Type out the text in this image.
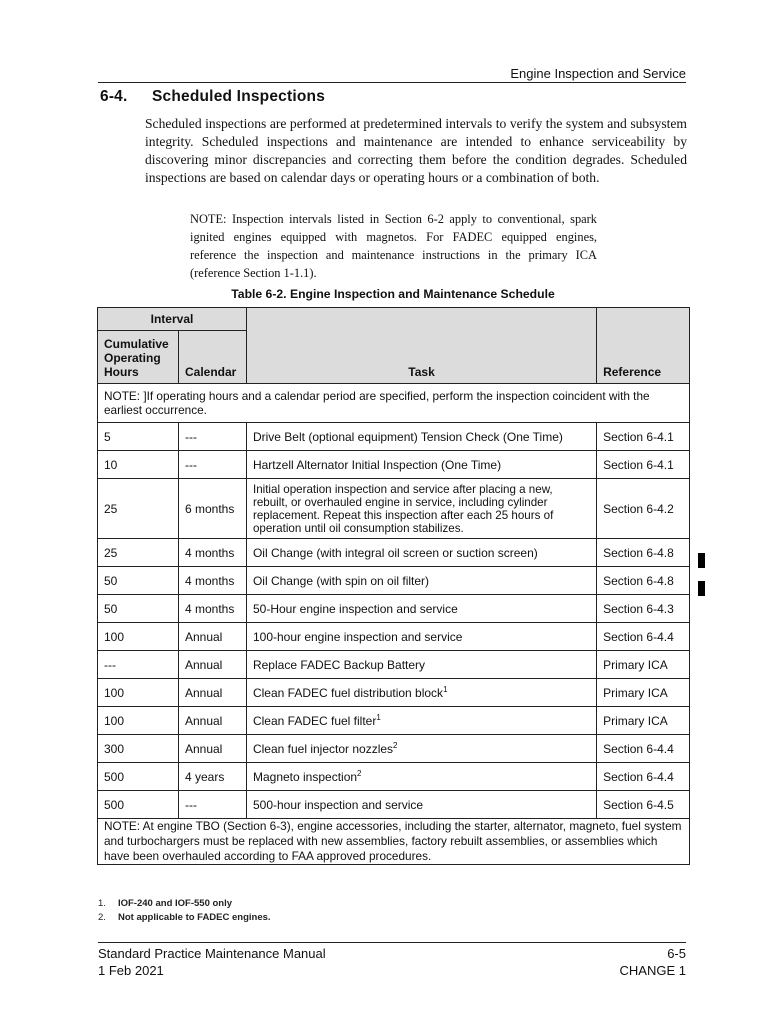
Engine Inspection and Service
6-4. Scheduled Inspections
Scheduled inspections are performed at predetermined intervals to verify the system and subsystem integrity. Scheduled inspections and maintenance are intended to enhance serviceability by discovering minor discrepancies and correcting them before the condition degrades. Scheduled inspections are based on calendar days or operating hours or a combination of both.
NOTE: Inspection intervals listed in Section 6-2 apply to conventional, spark ignited engines equipped with magnetos. For FADEC equipped engines, reference the inspection and maintenance instructions in the primary ICA (reference Section 1-1.1).
Table 6-2. Engine Inspection and Maintenance Schedule
Interval		Task	Reference
Cumulative Operating Hours	Calendar		
NOTE: ]If operating hours and a calendar period are specified, perform the inspection coincident with the earliest occurrence.			
5	---	Drive Belt (optional equipment) Tension Check (One Time)	Section 6-4.1
10	---	Hartzell Alternator Initial Inspection (One Time)	Section 6-4.1
25	6 months	Initial operation inspection and service after placing a new, rebuilt, or overhauled engine in service, including cylinder replacement. Repeat this inspection after each 25 hours of operation until oil consumption stabilizes.	Section 6-4.2
25	4 months	Oil Change (with integral oil screen or suction screen)	Section 6-4.8
50	4 months	Oil Change (with spin on oil filter)	Section 6-4.8
50	4 months	50-Hour engine inspection and service	Section 6-4.3
100	Annual	100-hour engine inspection and service	Section 6-4.4
---	Annual	Replace FADEC Backup Battery	Primary ICA
100	Annual	Clean FADEC fuel distribution block$^1$	Primary ICA
100	Annual	Clean FADEC fuel filter$^1$	Primary ICA
300	Annual	Clean fuel injector nozzles$^2$	Section 6-4.4
500	4 years	Magneto inspection$^2$	Section 6-4.4
500	---	500-hour inspection and service	Section 6-4.5
NOTE: At engine TBO (Section 6-3), engine accessories, including the starter, alternator, magneto, fuel system and turbochargers must be replaced with new assemblies, factory rebuilt assemblies, or assemblies which have been overhauled according to FAA approved procedures.			
1. IOF-240 and IOF-550 only
2. Not applicable to FADEC engines.
Standard Practice Maintenance Manual
1 Feb 2021
6-5
CHANGE 1
